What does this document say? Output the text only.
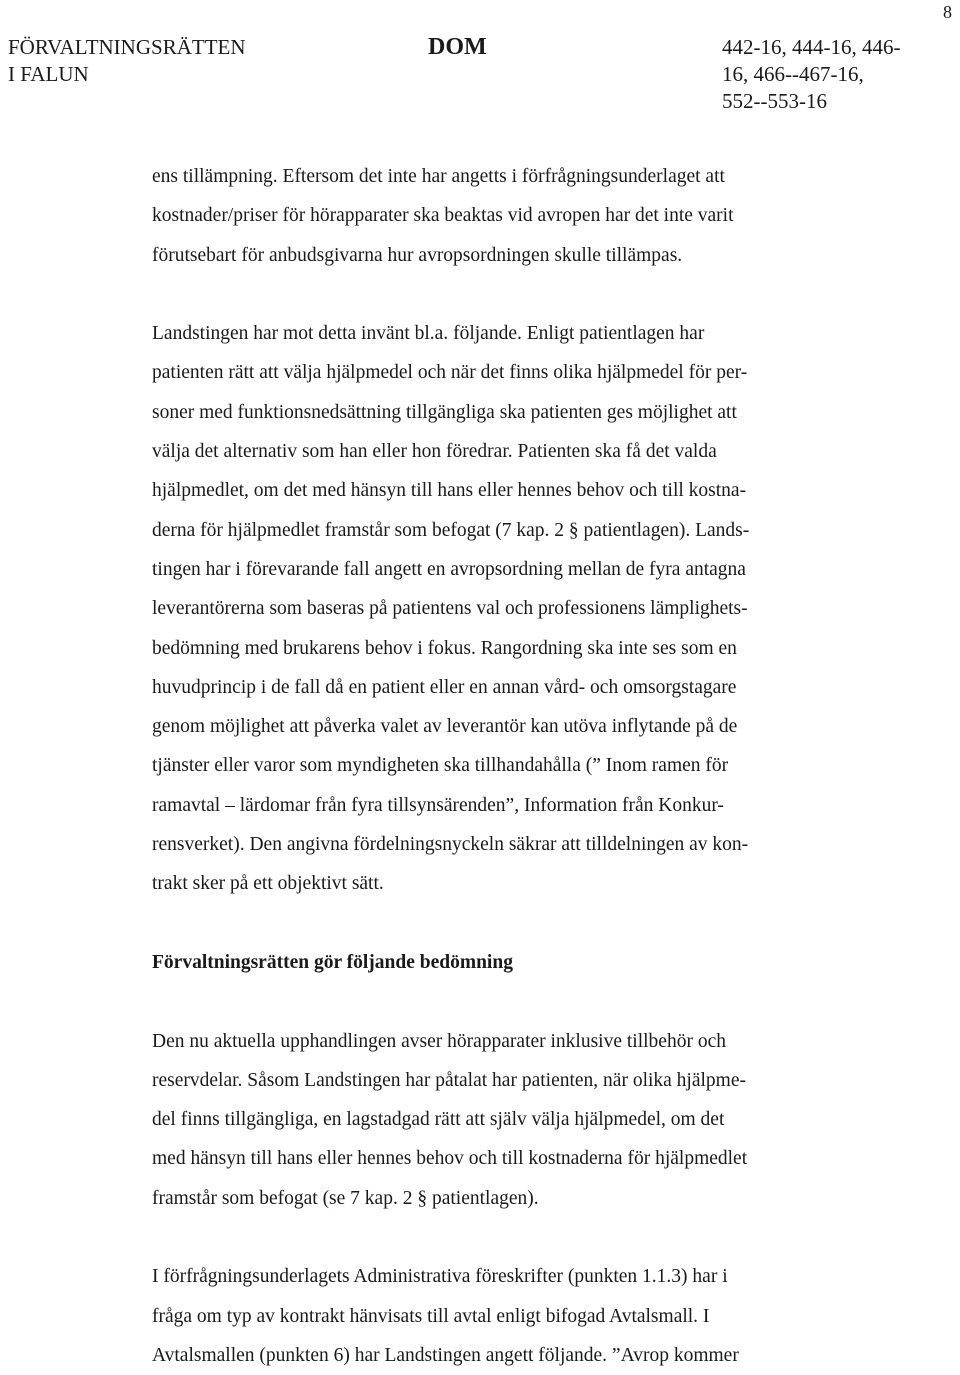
8
FÖRVALTNINGSRÄTTEN
I FALUN
DOM	442-16, 444-16, 446-
16, 466--467-16,
552--553-16

ens tillämpning. Eftersom det inte har angetts i förfrågningsunderlaget att
kostnader/priser för hörapparater ska beaktas vid avropen har det inte varit
förutsebart för anbudsgivarna hur avropsordningen skulle tillämpas.

Landstingen har mot detta invänt bl.a. följande. Enligt patientlagen har
patienten rätt att välja hjälpmedel och när det finns olika hjälpmedel för per-
soner med funktionsnedsättning tillgängliga ska patienten ges möjlighet att
välja det alternativ som han eller hon föredrar. Patienten ska få det valda
hjälpmedlet, om det med hänsyn till hans eller hennes behov och till kostna-
derna för hjälpmedlet framstår som befogat (7 kap. 2 § patientlagen). Lands-
tingen har i förevarande fall angett en avropsordning mellan de fyra antagna
leverantörerna som baseras på patientens val och professionens lämplighets-
bedömning med brukarens behov i fokus. Rangordning ska inte ses som en
huvudprincip i de fall då en patient eller en annan vård- och omsorgstagare
genom möjlighet att påverka valet av leverantör kan utöva inflytande på de
tjänster eller varor som myndigheten ska tillhandahålla (” Inom ramen för
ramavtal – lärdomar från fyra tillsynsärenden”, Information från Konkur-
rensverket). Den angivna fördelningsnyckeln säkrar att tilldelningen av kon-
trakt sker på ett objektivt sätt.

Förvaltningsrätten gör följande bedömning

Den nu aktuella upphandlingen avser hörapparater inklusive tillbehör och
reservdelar. Såsom Landstingen har påtalat har patienten, när olika hjälpme-
del finns tillgängliga, en lagstadgad rätt att själv välja hjälpmedel, om det
med hänsyn till hans eller hennes behov och till kostnaderna för hjälpmedlet
framstår som befogat (se 7 kap. 2 § patientlagen).

I förfrågningsunderlagets Administrativa föreskrifter (punkten 1.1.3) har i
fråga om typ av kontrakt hänvisats till avtal enligt bifogad Avtalsmall. I
Avtalsmallen (punkten 6) har Landstingen angett följande. ”Avrop kommer
